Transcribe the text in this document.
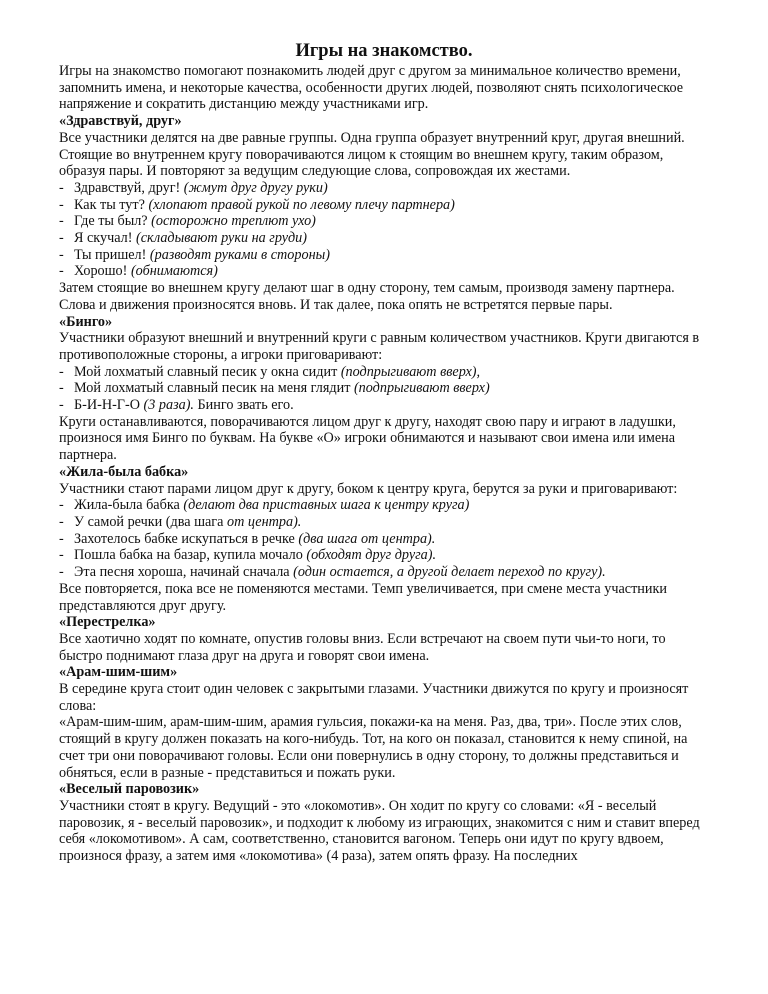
Игры на знакомство.

Игры на знакомство помогают познакомить людей друг с другом за минимальное количество времени, запомнить имена, и некоторые качества, особенности других людей, позволяют снять психологическое напряжение и сократить дистанцию между участниками игр.

«Здравствуй, друг»

Все участники делятся на две равные группы. Одна группа образует внутренний круг, другая внешний. Стоящие во внутреннем кругу поворачиваются лицом к стоящим во внешнем кругу, таким образом, образуя пары. И повторяют за ведущим следующие слова, сопровождая их жестами.

- Здравствуй, друг! (жмут друг другу руки)
- Как ты тут? (хлопают правой рукой по левому плечу партнера)
- Где ты был? (осторожно треплют ухо)
- Я скучал! (складывают руки на груди)
- Ты пришел! (разводят руками в стороны)
- Хорошо! (обнимаются)

Затем стоящие во внешнем кругу делают шаг в одну сторону, тем самым, производя замену партнера. Слова и движения произносятся вновь. И так далее, пока опять не встретятся первые пары.

«Бинго»

Участники образуют внешний и внутренний круги с равным количеством участников. Круги двигаются в противоположные стороны, а игроки приговаривают:

- Мой лохматый славный песик у окна сидит (подпрыгивают вверх),
- Мой лохматый славный песик на меня глядит (подпрыгивают вверх)
- Б-И-Н-Г-О (3 раза). Бинго звать его.

Круги останавливаются, поворачиваются лицом друг к другу, находят свою пару и играют в ладушки, произнося имя Бинго по буквам. На букве «О» игроки обнимаются и называют свои имена или имена партнера.

«Жила-была бабка»

Участники стают парами лицом друг к другу, боком к центру круга, берутся за руки и приговаривают:

- Жила-была бабка (делают два приставных шага к центру круга)
- У самой речки (два шага от центра).
- Захотелось бабке искупаться в речке (два шага от центра).
- Пошла бабка на базар, купила мочало (обходят друг друга).
- Эта песня хороша, начинай сначала (один остается, а другой делает переход по кругу).

Все повторяется, пока все не поменяются местами. Темп увеличивается, при смене места участники представляются друг другу.

«Перестрелка»

Все хаотично ходят по комнате, опустив головы вниз. Если встречают на своем пути чьи-то ноги, то быстро поднимают глаза друг на друга и говорят свои имена.

«Арам-шим-шим»

В середине круга стоит один человек с закрытыми глазами. Участники движутся по кругу и произносят слова:

«Арам-шим-шим, арам-шим-шим, арамия гульсия, покажи-ка на меня. Раз, два, три». После этих слов, стоящий в кругу должен показать на кого-нибудь. Тот, на кого он показал, становится к нему спиной, на счет три они поворачивают головы. Если они повернулись в одну сторону, то должны представиться и обняться, если в разные - представиться и пожать руки.

«Веселый паровозик»

Участники стоят в кругу. Ведущий - это «локомотив». Он ходит по кругу со словами: «Я - веселый паровозик, я - веселый паровозик», и подходит к любому из играющих, знакомится с ним и ставит вперед себя «локомотивом». А сам, соответственно, становится вагоном. Теперь они идут по кругу вдвоем, произнося фразу, а затем имя «локомотива» (4 раза), затем опять фразу. На последних
